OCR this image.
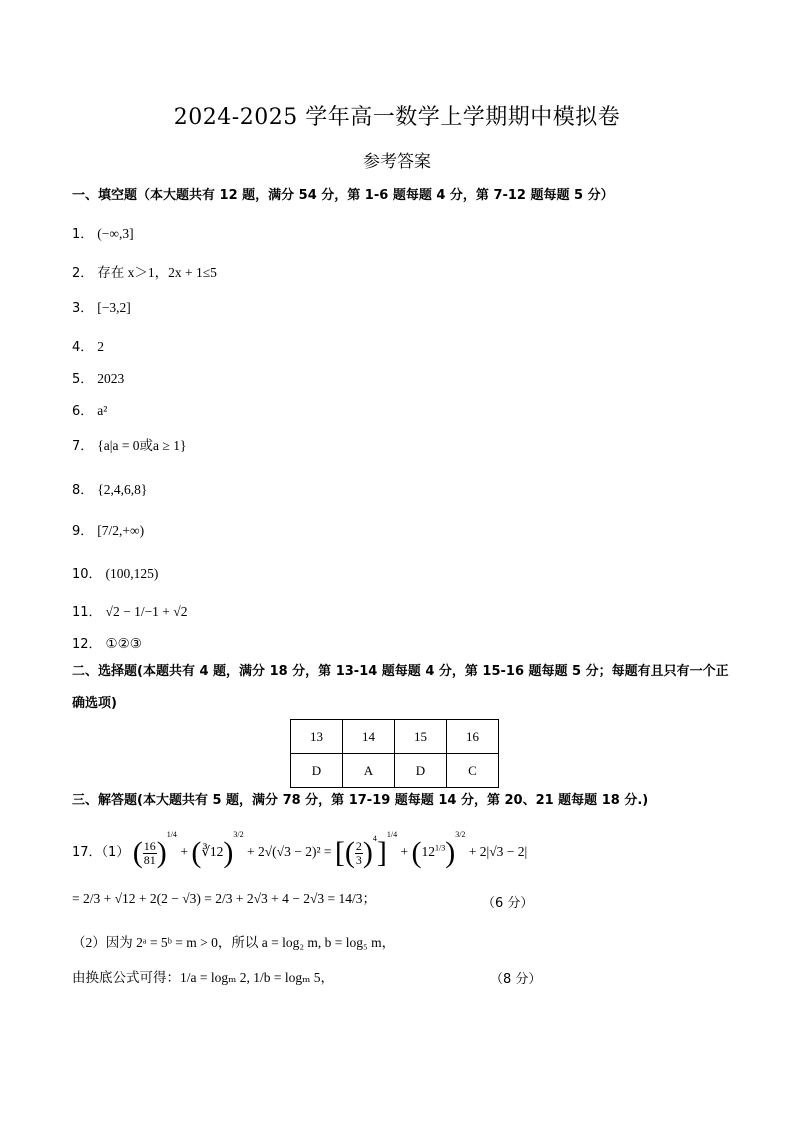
2024-2025 学年高一数学上学期期中模拟卷
参考答案
一、填空题（本大题共有 12 题，满分 54 分，第 1-6 题每题 4 分，第 7-12 题每题 5 分）
1． (−∞,3]
2． 存在 x＞1，2x + 1≤5
3． [−3,2]
4． 2
5． 2023
6． a²
7． {a|a = 0或a ≥ 1}
8． {2,4,6,8}
9． [7/2,+∞)
10． (100,125)
11． √2 − 1/−1 + √2
12． ①②③
二、选择题(本题共有 4 题，满分 18 分，第 13-14 题每题 4 分，第 15-16 题每题 5 分；每题有且只有一个正
确选项)
13	14	15	16
D	A	D	C
三、解答题(本大题共有 5 题，满分 78 分，第 17-19 题每题 14 分，第 20、21 题每题 18 分.)
17．（1） ( $\frac{16}{81} )^{1/4}$ + (∛12)$^{3/2}$ + 2√(√3 − 2)² = [( $\frac{2}{3} )^4]^{1/4} + (12^{1/3})^{3/2} + 2|√3 - 2|$
= 2/3 + √12 + 2(2 − √3) = 2/3 + 2√3 + 4 − 2√3 = 14/3；	（6 分）
（2）因为 2ᵃ = 5ᵇ = m > 0，所以 a = log₂ m, b = log₅ m，
由换底公式可得：1/a = logₘ 2, 1/b = logₘ 5，	（8 分）
